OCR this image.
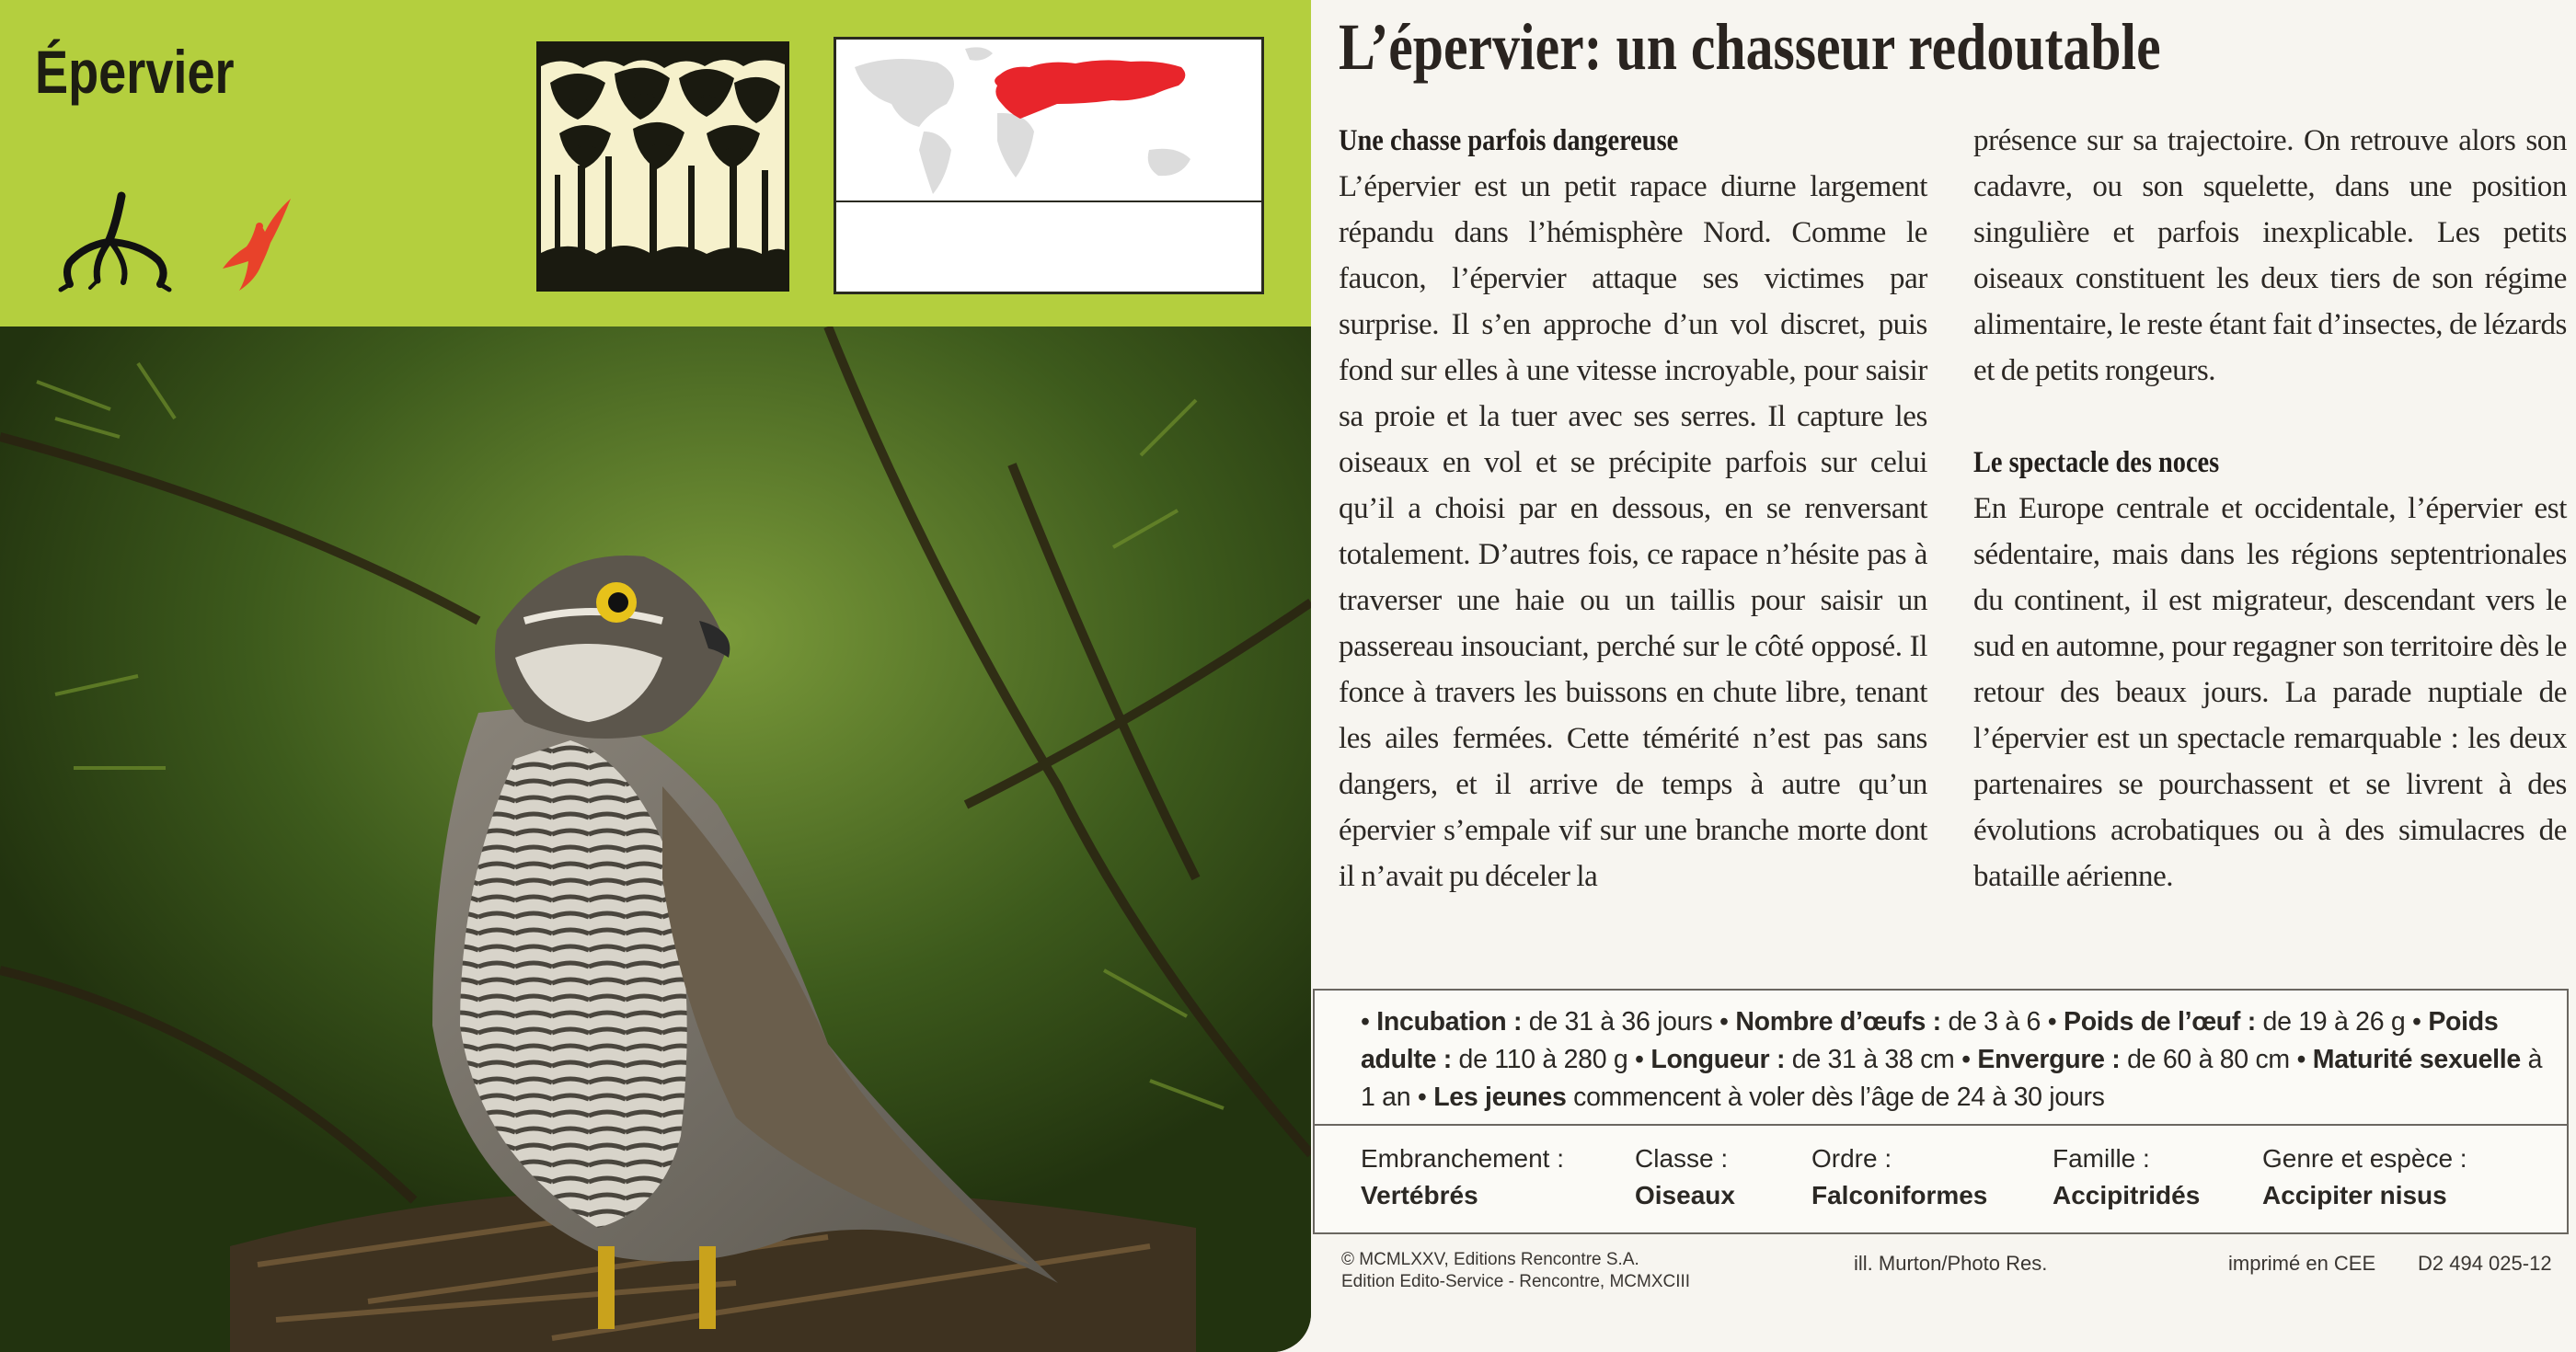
Épervier	L’épervier: un chasseur redoutable

Une chasse parfois dangereuse

L’épervier est un petit rapace diurne largement répandu dans l’hémisphère Nord. Comme le faucon, l’épervier attaque ses victimes par surprise. Il s’en approche d’un vol discret, puis fond sur elles à une vitesse incroyable, pour saisir sa proie et la tuer avec ses serres. Il capture les oiseaux en vol et se précipite parfois sur celui qu’il a choisi par en dessous, en se renversant totalement. D’autres fois, ce rapace n’hésite pas à traverser une haie ou un taillis pour saisir un passereau insouciant, perché sur le côté opposé. Il fonce à travers les buissons en chute libre, tenant les ailes fermées. Cette témérité n’est pas sans dangers, et il arrive de temps à autre qu’un épervier s’empale vif sur une branche morte dont il n’avait pu déceler la

présence sur sa trajectoire. On retrouve alors son cadavre, ou son squelette, dans une position singulière et parfois inexplicable. Les petits oiseaux constituent les deux tiers de son régime alimentaire, le reste étant fait d’insectes, de lézards et de petits rongeurs.

Le spectacle des noces

En Europe centrale et occidentale, l’épervier est sédentaire, mais dans les régions septentrionales du continent, il est migrateur, descendant vers le sud en automne, pour regagner son territoire dès le retour des beaux jours. La parade nuptiale de l’épervier est un spectacle remarquable : les deux partenaires se pourchassent et se livrent à des évolutions acrobatiques ou à des simulacres de bataille aérienne.

• Incubation : de 31 à 36 jours • Nombre d’œufs : de 3 à 6 • Poids de l’œuf : de 19 à 26 g • Poids adulte : de 110 à 280 g • Longueur : de 31 à 38 cm • Envergure : de 60 à 80 cm • Maturité sexuelle à 1 an • Les jeunes commencent à voler dès l’âge de 24 à 30 jours

Embranchement :
Vertébrés
Classe :
Oiseaux
Ordre :
Falconiformes
Famille :
Accipitridés
Genre et espèce :
Accipiter nisus
© MCMLXXV, Editions Rencontre S.A.
Edition Edito-Service - Rencontre, MCMXCIII
ill. Murton/Photo Res.	imprimé en CEE D2 494 025-12
